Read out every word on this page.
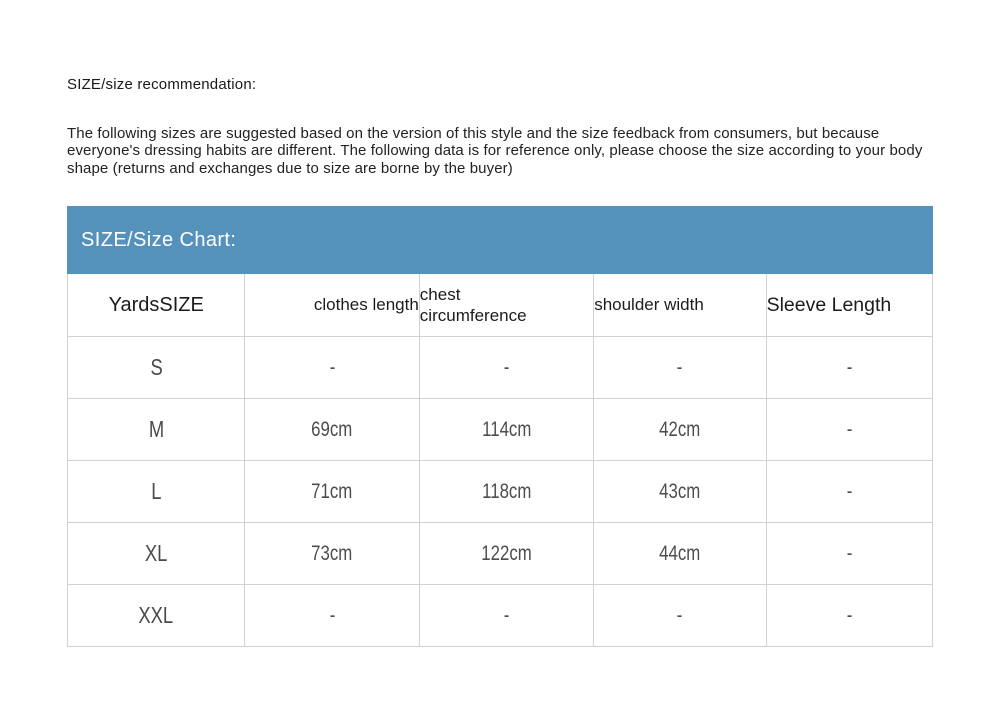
SIZE/size recommendation:

The following sizes are suggested based on the version of this style and the size feedback from consumers, but because everyone's dressing habits are different. The following data is for reference only, please choose the size according to your body shape (returns and exchanges due to size are borne by the buyer)

SIZE/Size Chart:
YardsSIZE	clothes length	chest circumference	shoulder width	Sleeve Length
S	-	-	-	-
M	69cm	114cm	42cm	-
L	71cm	118cm	43cm	-
XL	73cm	122cm	44cm	-
XXL	-	-	-	-
